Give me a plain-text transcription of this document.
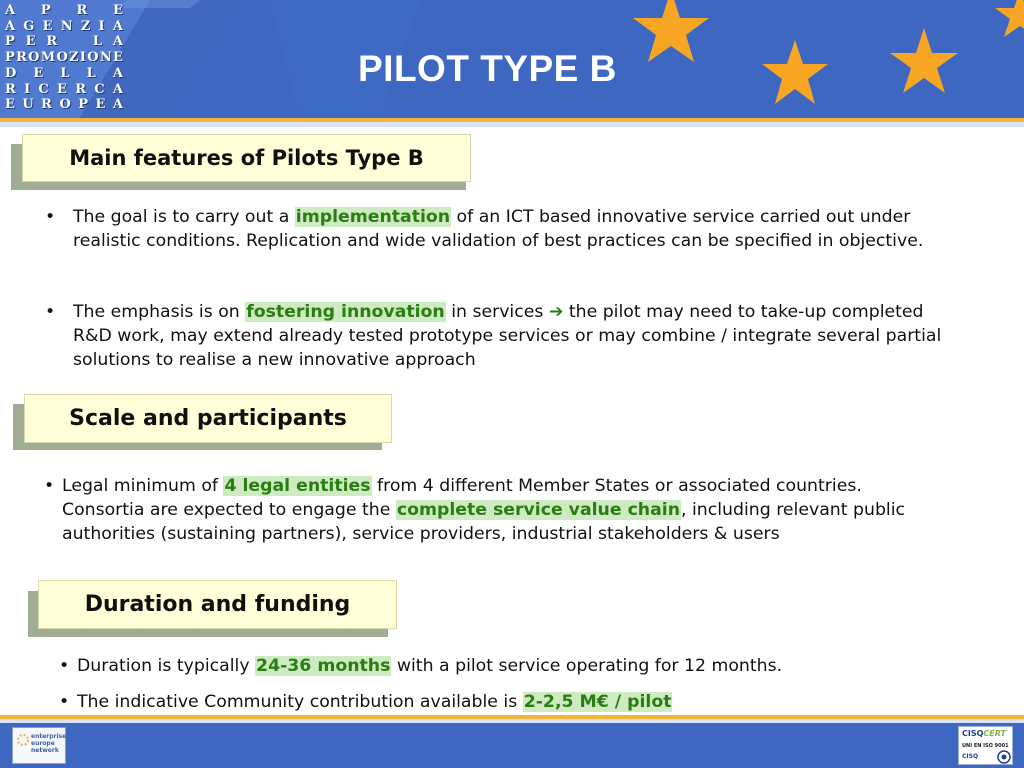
A P R E
A G E N Z I A
P E R	L A
P R O M O Z I O N E
D E L L A
R I C E R C A
E U R O P E A
PILOT TYPE B
Main features of Pilots Type B
• The goal is to carry out a implementation of an ICT based innovative service carried out under realistic conditions. Replication and wide validation of best practices can be specified in objective.
• The emphasis is on fostering innovation in services ➔ the pilot may need to take-up completed R&D work, may extend already tested prototype services or may combine / integrate several partial solutions to realise a new innovative approach
Scale and participants
• Legal minimum of 4 legal entities from 4 different Member States or associated countries. Consortia are expected to engage the complete service value chain, including relevant public authorities (sustaining partners), service providers, industrial stakeholders & users
Duration and funding
• Duration is typically 24-36 months with a pilot service operating for 12 months.
• The indicative Community contribution available is 2-2,5 M€ / pilot
enterprise
europe
network
CISQCERT
UNI EN ISO 9001
CISQ
